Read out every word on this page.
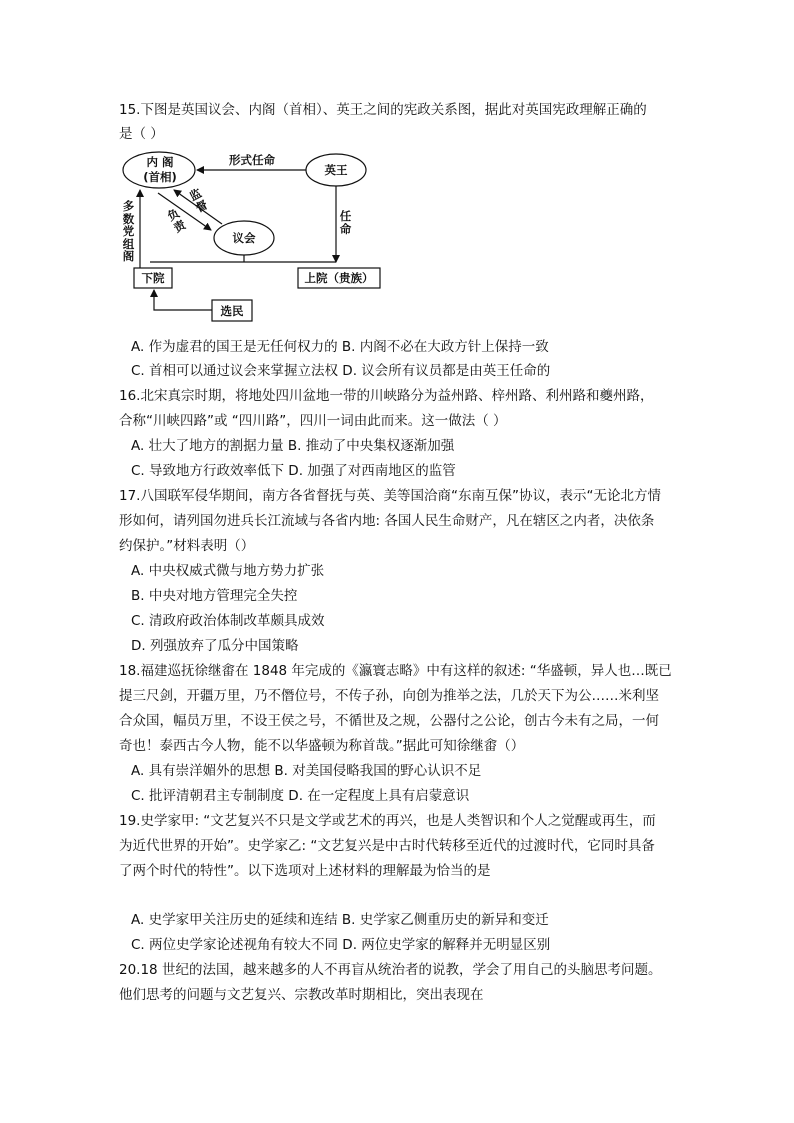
15.下图是英国议会、内阁（首相）、英王之间的宪政关系图，据此对英国宪政理解正确的
是（ ）
内 阁
(首相)	英王
议会
形式任命
任命
监督
负责
多数党组阁
下院	上院（贵族）
选民
A. 作为虚君的国王是无任何权力的 B. 内阁不必在大政方针上保持一致
C. 首相可以通过议会来掌握立法权 D. 议会所有议员都是由英王任命的
16.北宋真宗时期，将地处四川盆地一带的川峡路分为益州路、梓州路、利州路和夔州路，
合称“川峡四路”或 “四川路”，四川一词由此而来。这一做法（ ）
A. 壮大了地方的割据力量 B. 推动了中央集权逐渐加强
C. 导致地方行政效率低下 D. 加强了对西南地区的监管
17.八国联军侵华期间，南方各省督抚与英、美等国洽商“东南互保”协议，表示“无论北方情
形如何，请列国勿进兵长江流域与各省内地: 各国人民生命财产，凡在辖区之内者，决依条
约保护。”材料表明（）
A. 中央权威式微与地方势力扩张
B. 中央对地方管理完全失控
C. 清政府政治体制改革颇具成效
D. 列强放弃了瓜分中国策略
18.福建巡抚徐继畬在 1848 年完成的《瀛寰志略》中有这样的叙述: “华盛顿，异人也…既已
提三尺剑，开疆万里，乃不僭位号，不传子孙，向创为推举之法，几於天下为公……米利坚
合众国，幅员万里，不设王侯之号，不循世及之规，公器付之公论，创古今未有之局，一何
奇也！泰西古今人物，能不以华盛顿为称首哉。”据此可知徐继畬（）
A. 具有崇洋媚外的思想 B. 对美国侵略我国的野心认识不足
C. 批评清朝君主专制制度 D. 在一定程度上具有启蒙意识
19.史学家甲: “文艺复兴不只是文学或艺术的再兴，也是人类智识和个人之觉醒或再生，而
为近代世界的开始”。史学家乙: “文艺复兴是中古时代转移至近代的过渡时代，它同时具备
了两个时代的特性”。以下选项对上述材料的理解最为恰当的是
A. 史学家甲关注历史的延续和连结 B. 史学家乙侧重历史的新异和变迁
C. 两位史学家论述视角有较大不同 D. 两位史学家的解释并无明显区别
20.18 世纪的法国，越来越多的人不再盲从统治者的说教，学会了用自己的头脑思考问题。
他们思考的问题与文艺复兴、宗教改革时期相比，突出表现在
